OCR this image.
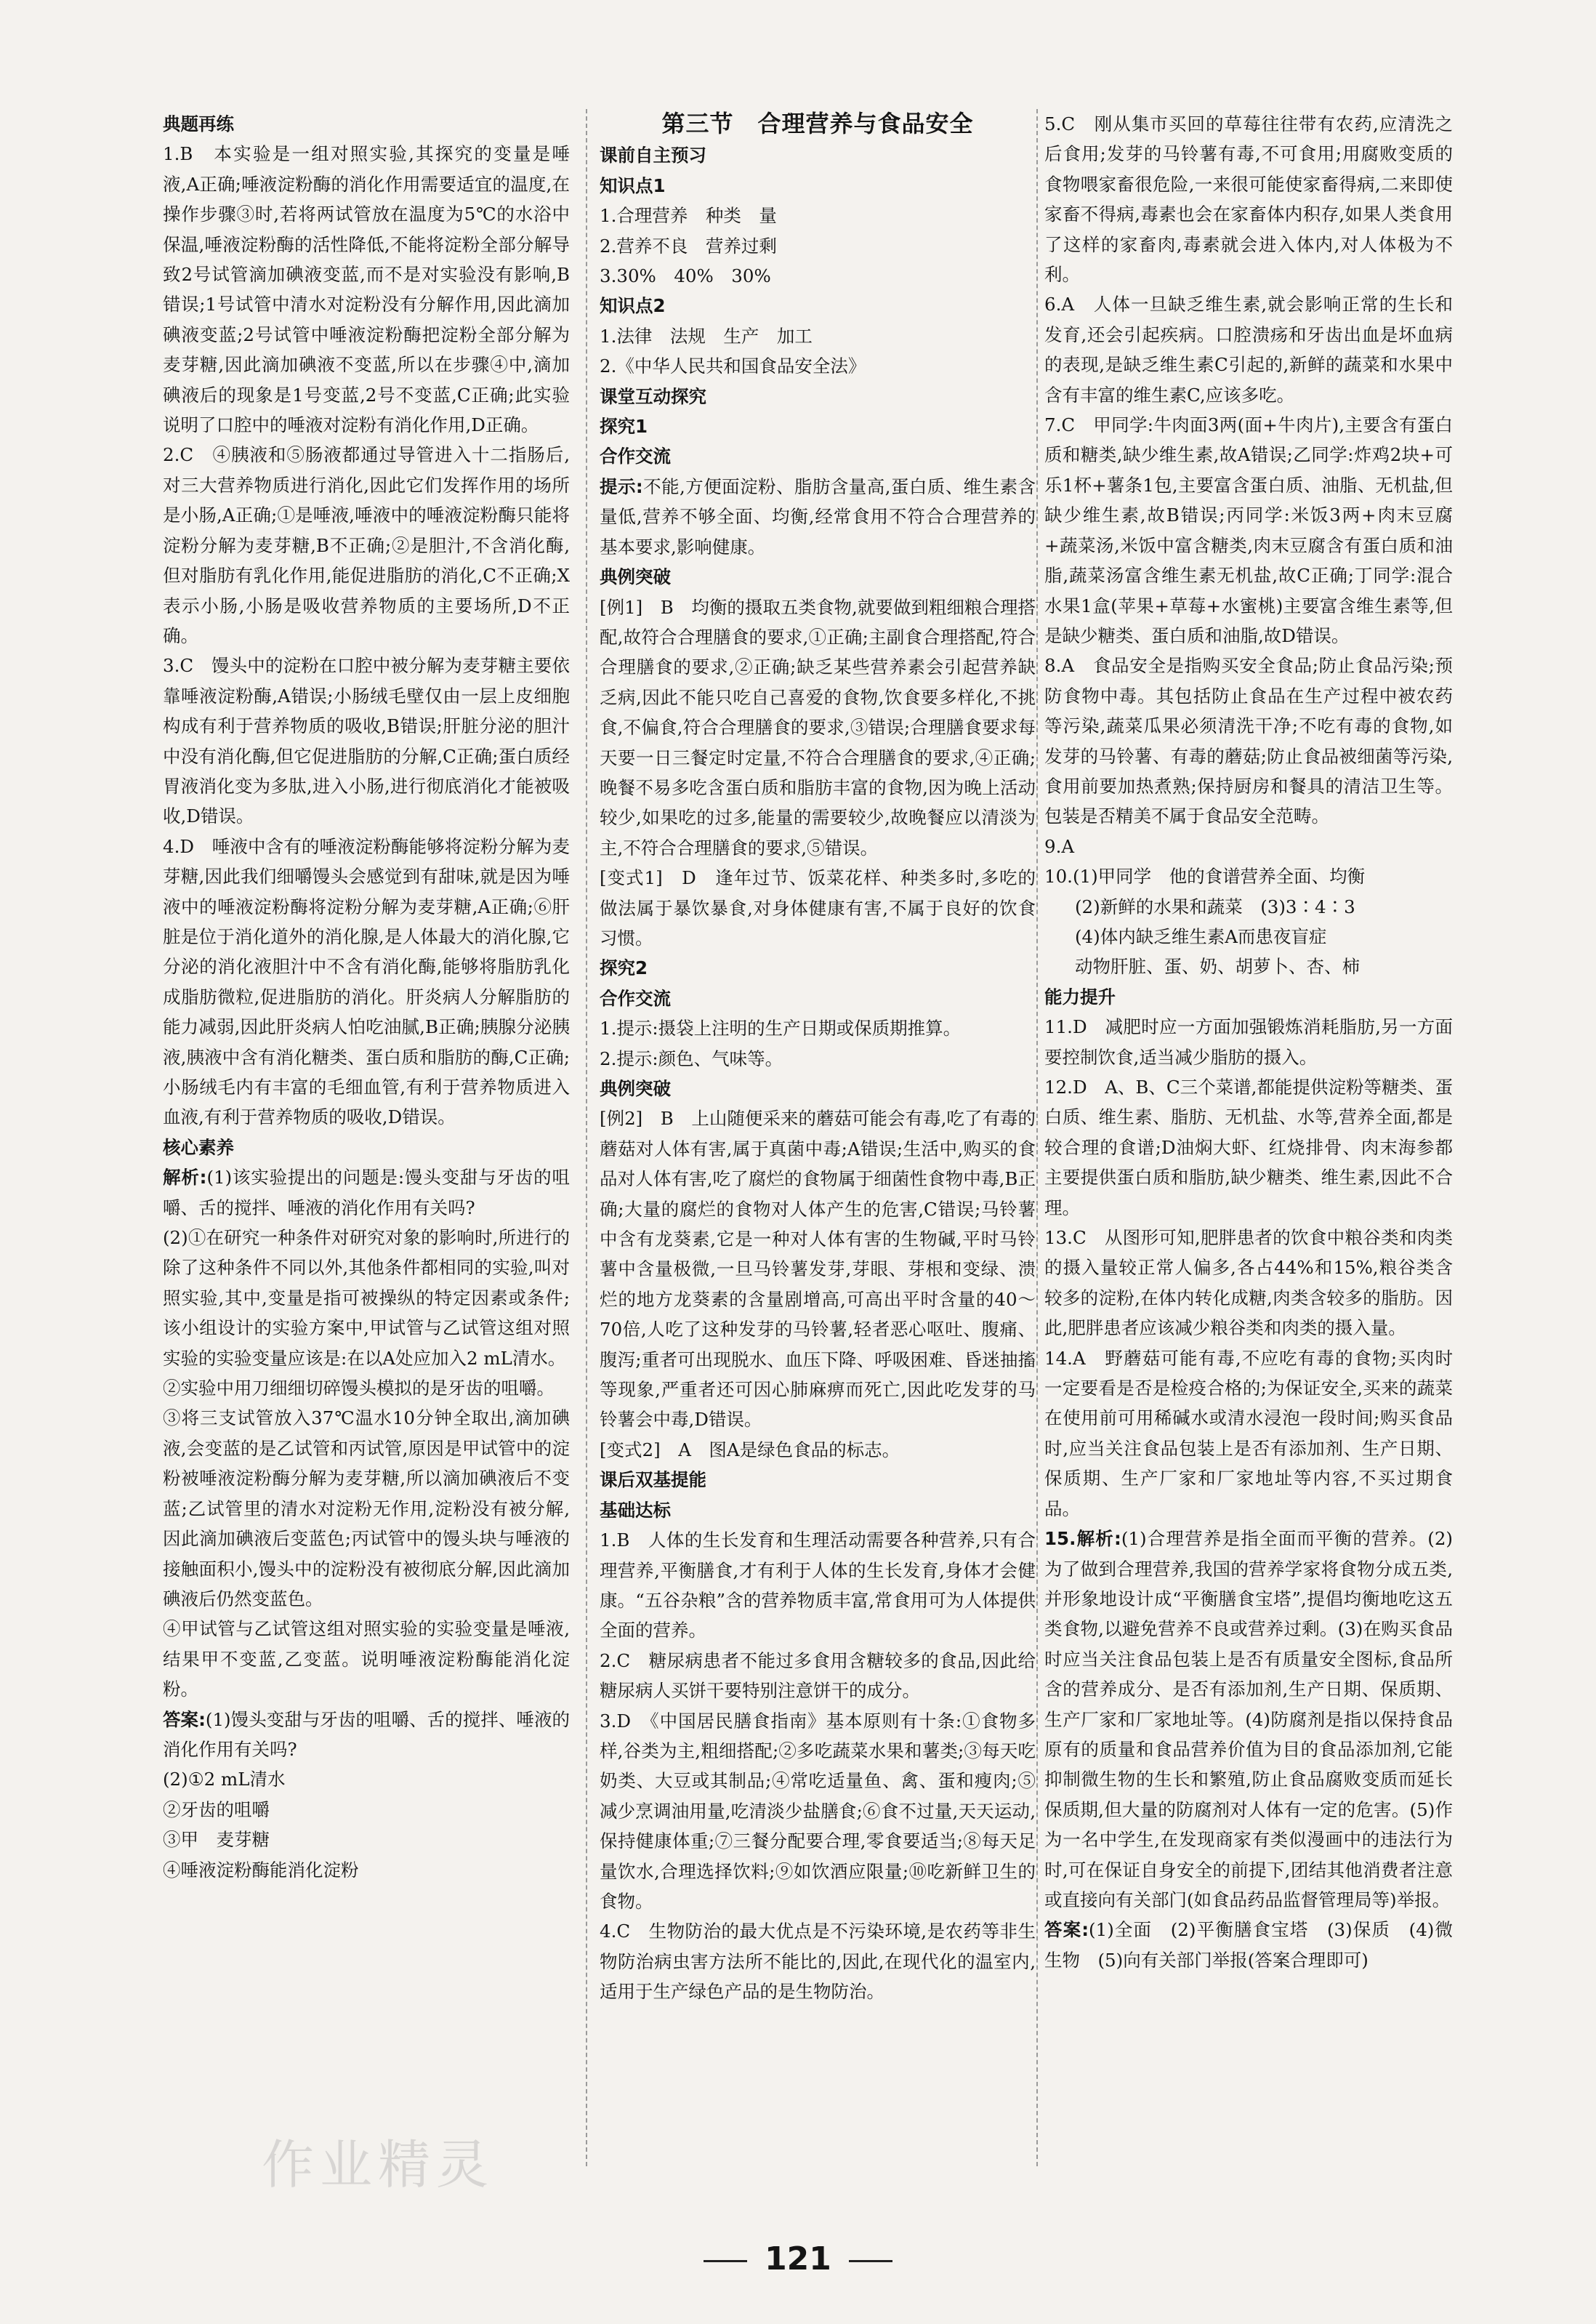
典题再练

1.B　本实验是一组对照实验,其探究的变量是唾液,A正确;唾液淀粉酶的消化作用需要适宜的温度,在操作步骤③时,若将两试管放在温度为5℃的水浴中保温,唾液淀粉酶的活性降低,不能将淀粉全部分解导致2号试管滴加碘液变蓝,而不是对实验没有影响,B错误;1号试管中清水对淀粉没有分解作用,因此滴加碘液变蓝;2号试管中唾液淀粉酶把淀粉全部分解为麦芽糖,因此滴加碘液不变蓝,所以在步骤④中,滴加碘液后的现象是1号变蓝,2号不变蓝,C正确;此实验说明了口腔中的唾液对淀粉有消化作用,D正确。

2.C　④胰液和⑤肠液都通过导管进入十二指肠后,对三大营养物质进行消化,因此它们发挥作用的场所是小肠,A正确;①是唾液,唾液中的唾液淀粉酶只能将淀粉分解为麦芽糖,B不正确;②是胆汁,不含消化酶,但对脂肪有乳化作用,能促进脂肪的消化,C不正确;X表示小肠,小肠是吸收营养物质的主要场所,D不正确。

3.C　馒头中的淀粉在口腔中被分解为麦芽糖主要依靠唾液淀粉酶,A错误;小肠绒毛壁仅由一层上皮细胞构成有利于营养物质的吸收,B错误;肝脏分泌的胆汁中没有消化酶,但它促进脂肪的分解,C正确;蛋白质经胃液消化变为多肽,进入小肠,进行彻底消化才能被吸收,D错误。

4.D　唾液中含有的唾液淀粉酶能够将淀粉分解为麦芽糖,因此我们细嚼馒头会感觉到有甜味,就是因为唾液中的唾液淀粉酶将淀粉分解为麦芽糖,A正确;⑥肝脏是位于消化道外的消化腺,是人体最大的消化腺,它分泌的消化液胆汁中不含有消化酶,能够将脂肪乳化成脂肪微粒,促进脂肪的消化。肝炎病人分解脂肪的能力减弱,因此肝炎病人怕吃油腻,B正确;胰腺分泌胰液,胰液中含有消化糖类、蛋白质和脂肪的酶,C正确;小肠绒毛内有丰富的毛细血管,有利于营养物质进入血液,有利于营养物质的吸收,D错误。

核心素养

解析:(1)该实验提出的问题是:馒头变甜与牙齿的咀嚼、舌的搅拌、唾液的消化作用有关吗?

(2)①在研究一种条件对研究对象的影响时,所进行的除了这种条件不同以外,其他条件都相同的实验,叫对照实验,其中,变量是指可被操纵的特定因素或条件;该小组设计的实验方案中,甲试管与乙试管这组对照实验的实验变量应该是:在以A处应加入2 mL清水。

②实验中用刀细细切碎馒头模拟的是牙齿的咀嚼。

③将三支试管放入37℃温水10分钟全取出,滴加碘液,会变蓝的是乙试管和丙试管,原因是甲试管中的淀粉被唾液淀粉酶分解为麦芽糖,所以滴加碘液后不变蓝;乙试管里的清水对淀粉无作用,淀粉没有被分解,因此滴加碘液后变蓝色;丙试管中的馒头块与唾液的接触面积小,馒头中的淀粉没有被彻底分解,因此滴加碘液后仍然变蓝色。

④甲试管与乙试管这组对照实验的实验变量是唾液,结果甲不变蓝,乙变蓝。说明唾液淀粉酶能消化淀粉。

答案:(1)馒头变甜与牙齿的咀嚼、舌的搅拌、唾液的消化作用有关吗?

(2)①2 mL清水

②牙齿的咀嚼

③甲　麦芽糖

④唾液淀粉酶能消化淀粉

第三节　合理营养与食品安全

课前自主预习

知识点1

1.合理营养　种类　量

2.营养不良　营养过剩

3.30%　40%　30%

知识点2

1.法律　法规　生产　加工

2.《中华人民共和国食品安全法》

课堂互动探究

探究1

合作交流

提示:不能,方便面淀粉、脂肪含量高,蛋白质、维生素含量低,营养不够全面、均衡,经常食用不符合合理营养的基本要求,影响健康。

典例突破

[例1]　B　均衡的摄取五类食物,就要做到粗细粮合理搭配,故符合合理膳食的要求,①正确;主副食合理搭配,符合合理膳食的要求,②正确;缺乏某些营养素会引起营养缺乏病,因此不能只吃自己喜爱的食物,饮食要多样化,不挑食,不偏食,符合合理膳食的要求,③错误;合理膳食要求每天要一日三餐定时定量,不符合合理膳食的要求,④正确;晚餐不易多吃含蛋白质和脂肪丰富的食物,因为晚上活动较少,如果吃的过多,能量的需要较少,故晚餐应以清淡为主,不符合合理膳食的要求,⑤错误。

[变式1]　D　逢年过节、饭菜花样、种类多时,多吃的做法属于暴饮暴食,对身体健康有害,不属于良好的饮食习惯。

探究2

合作交流

1.提示:摄袋上注明的生产日期或保质期推算。

2.提示:颜色、气味等。

典例突破

[例2]　B　上山随便采来的蘑菇可能会有毒,吃了有毒的蘑菇对人体有害,属于真菌中毒;A错误;生活中,购买的食品对人体有害,吃了腐烂的食物属于细菌性食物中毒,B正确;大量的腐烂的食物对人体产生的危害,C错误;马铃薯中含有龙葵素,它是一种对人体有害的生物碱,平时马铃薯中含量极微,一旦马铃薯发芽,芽眼、芽根和变绿、溃烂的地方龙葵素的含量剧增高,可高出平时含量的40～70倍,人吃了这种发芽的马铃薯,轻者恶心呕吐、腹痛、腹泻;重者可出现脱水、血压下降、呼吸困难、昏迷抽搐等现象,严重者还可因心肺麻痹而死亡,因此吃发芽的马铃薯会中毒,D错误。

[变式2]　A　图A是绿色食品的标志。

课后双基提能

基础达标

1.B　人体的生长发育和生理活动需要各种营养,只有合理营养,平衡膳食,才有利于人体的生长发育,身体才会健康。“五谷杂粮”含的营养物质丰富,常食用可为人体提供全面的营养。

2.C　糖尿病患者不能过多食用含糖较多的食品,因此给糖尿病人买饼干要特别注意饼干的成分。

3.D　《中国居民膳食指南》基本原则有十条:①食物多样,谷类为主,粗细搭配;②多吃蔬菜水果和薯类;③每天吃奶类、大豆或其制品;④常吃适量鱼、禽、蛋和瘦肉;⑤减少烹调油用量,吃清淡少盐膳食;⑥食不过量,天天运动,保持健康体重;⑦三餐分配要合理,零食要适当;⑧每天足量饮水,合理选择饮料;⑨如饮酒应限量;⑩吃新鲜卫生的食物。

4.C　生物防治的最大优点是不污染环境,是农药等非生物防治病虫害方法所不能比的,因此,在现代化的温室内,适用于生产绿色产品的是生物防治。

5.C　刚从集市买回的草莓往往带有农药,应清洗之后食用;发芽的马铃薯有毒,不可食用;用腐败变质的食物喂家畜很危险,一来很可能使家畜得病,二来即使家畜不得病,毒素也会在家畜体内积存,如果人类食用了这样的家畜肉,毒素就会进入体内,对人体极为不利。

6.A　人体一旦缺乏维生素,就会影响正常的生长和发育,还会引起疾病。口腔溃疡和牙齿出血是坏血病的表现,是缺乏维生素C引起的,新鲜的蔬菜和水果中含有丰富的维生素C,应该多吃。

7.C　甲同学:牛肉面3两(面+牛肉片),主要含有蛋白质和糖类,缺少维生素,故A错误;乙同学:炸鸡2块+可乐1杯+薯条1包,主要富含蛋白质、油脂、无机盐,但缺少维生素,故B错误;丙同学:米饭3两+肉末豆腐+蔬菜汤,米饭中富含糖类,肉末豆腐含有蛋白质和油脂,蔬菜汤富含维生素无机盐,故C正确;丁同学:混合水果1盒(苹果+草莓+水蜜桃)主要富含维生素等,但是缺少糖类、蛋白质和油脂,故D错误。

8.A　食品安全是指购买安全食品;防止食品污染;预防食物中毒。其包括防止食品在生产过程中被农药等污染,蔬菜瓜果必须清洗干净;不吃有毒的食物,如发芽的马铃薯、有毒的蘑菇;防止食品被细菌等污染,食用前要加热煮熟;保持厨房和餐具的清洁卫生等。包装是否精美不属于食品安全范畴。

9.A

10.(1)甲同学　他的食谱营养全面、均衡

(2)新鲜的水果和蔬菜　(3)3∶4∶3

(4)体内缺乏维生素A而患夜盲症

动物肝脏、蛋、奶、胡萝卜、杏、柿

能力提升

11.D　减肥时应一方面加强锻炼消耗脂肪,另一方面要控制饮食,适当减少脂肪的摄入。

12.D　A、B、C三个菜谱,都能提供淀粉等糖类、蛋白质、维生素、脂肪、无机盐、水等,营养全面,都是较合理的食谱;D油焖大虾、红烧排骨、肉末海参都主要提供蛋白质和脂肪,缺少糖类、维生素,因此不合理。

13.C　从图形可知,肥胖患者的饮食中粮谷类和肉类的摄入量较正常人偏多,各占44%和15%,粮谷类含较多的淀粉,在体内转化成糖,肉类含较多的脂肪。因此,肥胖患者应该减少粮谷类和肉类的摄入量。

14.A　野蘑菇可能有毒,不应吃有毒的食物;买肉时一定要看是否是检疫合格的;为保证安全,买来的蔬菜在使用前可用稀碱水或清水浸泡一段时间;购买食品时,应当关注食品包装上是否有添加剂、生产日期、保质期、生产厂家和厂家地址等内容,不买过期食品。

15.解析:(1)合理营养是指全面而平衡的营养。(2)为了做到合理营养,我国的营养学家将食物分成五类,并形象地设计成“平衡膳食宝塔”,提倡均衡地吃这五类食物,以避免营养不良或营养过剩。(3)在购买食品时应当关注食品包装上是否有质量安全图标,食品所含的营养成分、是否有添加剂,生产日期、保质期、生产厂家和厂家地址等。(4)防腐剂是指以保持食品原有的质量和食品营养价值为目的食品添加剂,它能抑制微生物的生长和繁殖,防止食品腐败变质而延长保质期,但大量的防腐剂对人体有一定的危害。(5)作为一名中学生,在发现商家有类似漫画中的违法行为时,可在保证自身安全的前提下,团结其他消费者注意或直接向有关部门(如食品药品监督管理局等)举报。

答案:(1)全面　(2)平衡膳食宝塔　(3)保质　(4)微生物　(5)向有关部门举报(答案合理即可)

121
作业精灵
